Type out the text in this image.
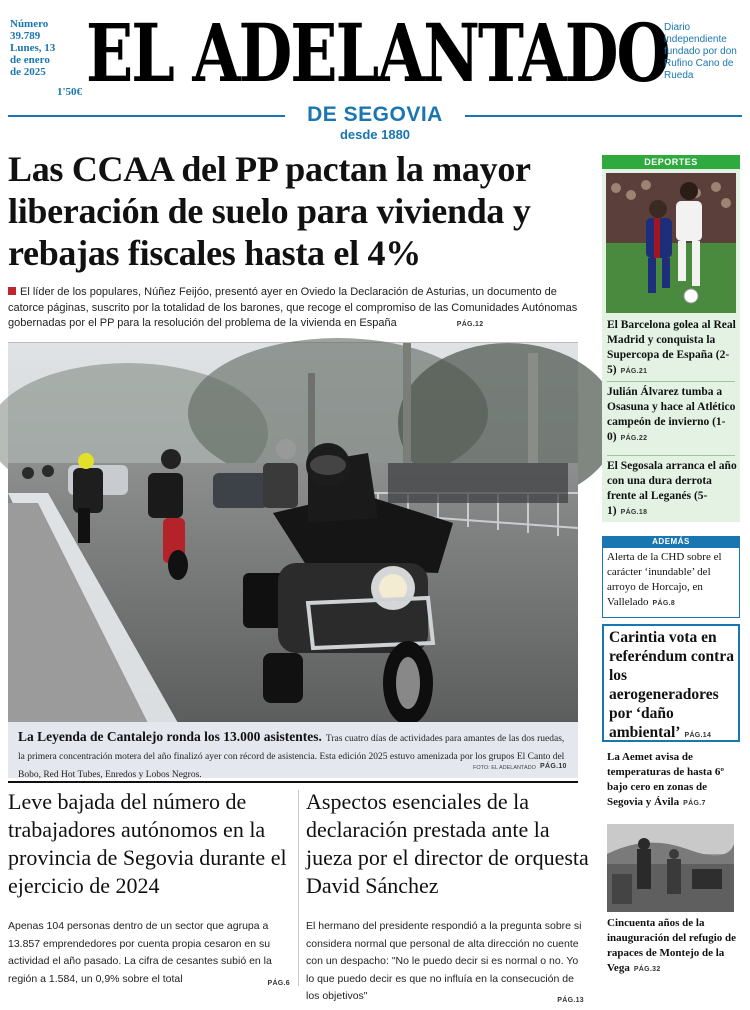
Número
39.789
Lunes, 13
de enero
de 2025
1'50€ EL ADELANTADO
Diario
independiente
fundado por don
Rufino Cano de
Rueda
DE SEGOVIA
desde 1880
Las CCAA del PP pactan la mayor liberación de suelo para vivienda y rebajas fiscales hasta el 4%

El líder de los populares, Núñez Feijóo, presentó ayer en Oviedo la Declaración de Asturias, un documento de catorce páginas, suscrito por la totalidad de los barones, que recoge el compromiso de las Comunidades Autónomas gobernadas por el PP para la resolución del problema de la vivienda en España	PÁG.12

La Leyenda de Cantalejo ronda los 13.000 asistentes. Tras cuatro días de actividades para amantes de las dos ruedas, la primera concentración motera del año finalizó ayer con récord de asistencia. Esta edición 2025 estuvo amenizada por los grupos El Canto del Bobo, Red Hot Tubes, Enredos y Lobos Negros.
FOTO: EL ADELANTADO PÁG.10
Leve bajada del número de trabajadores autónomos en la provincia de Segovia durante el ejercicio de 2024

Apenas 104 personas dentro de un sector que agrupa a 13.857 emprendedores por cuenta propia cesaron en su actividad el año pasado. La cifra de cesantes subió en la región a 1.584, un 0,9% sobre el total	PÁG.6

Aspectos esenciales de la declaración prestada ante la jueza por el director de orquesta David Sánchez

El hermano del presidente respondió a la pregunta sobre si considera normal que personal de alta dirección no cuente con un despacho: "No le puedo decir si es normal o no. Yo lo que puedo decir es que no influía en la consecución de los objetivos"	PÁG.13

DEPORTES

El Barcelona golea al Real Madrid y conquista la Supercopa de España (2-5) PÁG.21

Julián Álvarez tumba a Osasuna y hace al Atlético campeón de invierno (1-0) PÁG.22

El Segosala arranca el año con una dura derrota frente al Leganés (5-1) PÁG.18

ADEMÁS

Alerta de la CHD sobre el carácter ‘inundable’ del arroyo de Horcajo, en Vallelado PÁG.8

Carintia vota en referéndum contra los aerogeneradores por ‘daño ambiental’ PÁG.14

La Aemet avisa de temperaturas de hasta 6º bajo cero en zonas de Segovia y Ávila PÁG.7

Cincuenta años de la inauguración del refugio de rapaces de Montejo de la Vega PÁG.32
